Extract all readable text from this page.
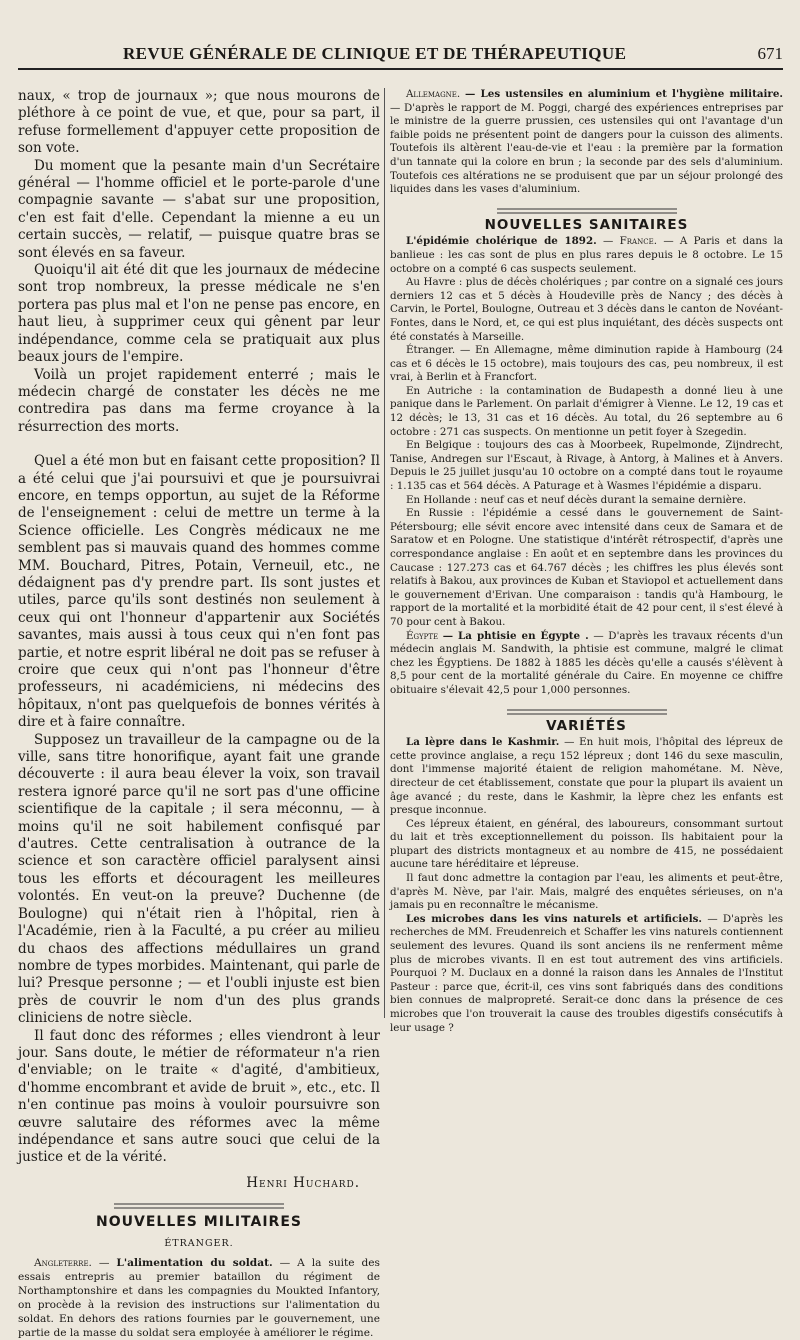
REVUE GÉNÉRALE DE CLINIQUE ET DE THÉRAPEUTIQUE	671

naux, « trop de journaux »; que nous mourons de pléthore à ce point de vue, et que, pour sa part, il refuse formellement d'appuyer cette proposition de son vote.

Du moment que la pesante main d'un Secrétaire général — l'homme officiel et le porte-parole d'une compagnie savante — s'abat sur une proposition, c'en est fait d'elle. Cependant la mienne a eu un certain succès, — relatif, — puisque quatre bras se sont élevés en sa faveur.

Quoiqu'il ait été dit que les journaux de médecine sont trop nombreux, la presse médicale ne s'en portera pas plus mal et l'on ne pense pas encore, en haut lieu, à supprimer ceux qui gênent par leur indépendance, comme cela se pratiquait aux plus beaux jours de l'empire.

Voilà un projet rapidement enterré ; mais le médecin chargé de constater les décès ne me contredira pas dans ma ferme croyance à la résurrection des morts.

Quel a été mon but en faisant cette proposition? Il a été celui que j'ai poursuivi et que je poursuivrai encore, en temps opportun, au sujet de la Réforme de l'enseignement : celui de mettre un terme à la Science officielle. Les Congrès médicaux ne me semblent pas si mauvais quand des hommes comme MM. Bouchard, Pitres, Potain, Verneuil, etc., ne dédaignent pas d'y prendre part. Ils sont justes et utiles, parce qu'ils sont destinés non seulement à ceux qui ont l'honneur d'appartenir aux Sociétés savantes, mais aussi à tous ceux qui n'en font pas partie, et notre esprit libéral ne doit pas se refuser à croire que ceux qui n'ont pas l'honneur d'être professeurs, ni académiciens, ni médecins des hôpitaux, n'ont pas quelquefois de bonnes vérités à dire et à faire connaître.

Supposez un travailleur de la campagne ou de la ville, sans titre honorifique, ayant fait une grande découverte : il aura beau élever la voix, son travail restera ignoré parce qu'il ne sort pas d'une officine scientifique de la capitale ; il sera méconnu, — à moins qu'il ne soit habilement confisqué par d'autres. Cette centralisation à outrance de la science et son caractère officiel paralysent ainsi tous les efforts et découragent les meilleures volontés. En veut-on la preuve? Duchenne (de Boulogne) qui n'était rien à l'hôpital, rien à l'Académie, rien à la Faculté, a pu créer au milieu du chaos des affections médullaires un grand nombre de types morbides. Maintenant, qui parle de lui? Presque personne ; — et l'oubli injuste est bien près de couvrir le nom d'un des plus grands cliniciens de notre siècle.

Il faut donc des réformes ; elles viendront à leur jour. Sans doute, le métier de réformateur n'a rien d'enviable; on le traite « d'agité, d'ambitieux, d'homme encombrant et avide de bruit », etc., etc. Il n'en continue pas moins à vouloir poursuivre son œuvre salutaire des réformes avec la même indépendance et sans autre souci que celui de la justice et de la vérité.

Henri Huchard.

NOUVELLES MILITAIRES
ÉTRANGER.

Angleterre. — L'alimentation du soldat. — A la suite des essais entrepris au premier bataillon du régiment de Northamptonshire et dans les compagnies du Moukted Infantory, on procède à la revision des instructions sur l'alimentation du soldat. En dehors des rations fournies par le gouvernement, une partie de la masse du soldat sera employée à améliorer le régime.

Allemagne. — Les ustensiles en aluminium et l'hygiène militaire. — D'après le rapport de M. Poggi, chargé des expériences entreprises par le ministre de la guerre prussien, ces ustensiles qui ont l'avantage d'un faible poids ne présentent point de dangers pour la cuisson des aliments. Toutefois ils altèrent l'eau-de-vie et l'eau : la première par la formation d'un tannate qui la colore en brun ; la seconde par des sels d'aluminium. Toutefois ces altérations ne se produisent que par un séjour prolongé des liquides dans les vases d'aluminium.

NOUVELLES SANITAIRES

L'épidémie cholérique de 1892. — France. — A Paris et dans la banlieue : les cas sont de plus en plus rares depuis le 8 octobre. Le 15 octobre on a compté 6 cas suspects seulement.

Au Havre : plus de décès cholériques ; par contre on a signalé ces jours derniers 12 cas et 5 décès à Houdeville près de Nancy ; des décès à Carvin, le Portel, Boulogne, Outreau et 3 décès dans le canton de Novéant-Fontes, dans le Nord, et, ce qui est plus inquiétant, des décès suspects ont été constatés à Marseille.

Étranger. — En Allemagne, même diminution rapide à Hambourg (24 cas et 6 décès le 15 octobre), mais toujours des cas, peu nombreux, il est vrai, à Berlin et à Francfort.

En Autriche : la contamination de Budapesth a donné lieu à une panique dans le Parlement. On parlait d'émigrer à Vienne. Le 12, 19 cas et 12 décès; le 13, 31 cas et 16 décès. Au total, du 26 septembre au 6 octobre : 271 cas suspects. On mentionne un petit foyer à Szegedin.

En Belgique : toujours des cas à Moorbeek, Rupelmonde, Zijndrecht, Tanise, Andregen sur l'Escaut, à Rivage, à Antorg, à Malines et à Anvers. Depuis le 25 juillet jusqu'au 10 octobre on a compté dans tout le royaume : 1.135 cas et 564 décès. A Paturage et à Wasmes l'épidémie a disparu.

En Hollande : neuf cas et neuf décès durant la semaine dernière.

En Russie : l'épidémie a cessé dans le gouvernement de Saint-Pétersbourg; elle sévit encore avec intensité dans ceux de Samara et de Saratow et en Pologne. Une statistique d'intérêt rétrospectif, d'après une correspondance anglaise : En août et en septembre dans les provinces du Caucase : 127.273 cas et 64.767 décès ; les chiffres les plus élevés sont relatifs à Bakou, aux provinces de Kuban et Staviopol et actuellement dans le gouvernement d'Erivan. Une comparaison : tandis qu'à Hambourg, le rapport de la mortalité et la morbidité était de 42 pour cent, il s'est élevé à 70 pour cent à Bakou.

Égypte — La phtisie en Égypte . — D'après les travaux récents d'un médecin anglais M. Sandwith, la phtisie est commune, malgré le climat chez les Égyptiens. De 1882 à 1885 les décès qu'elle a causés s'élèvent à 8,5 pour cent de la mortalité générale du Caire. En moyenne ce chiffre obituaire s'élevait 42,5 pour 1,000 personnes.

VARIÉTÉS

La lèpre dans le Kashmir. — En huit mois, l'hôpital des lépreux de cette province anglaise, a reçu 152 lépreux ; dont 146 du sexe masculin, dont l'immense majorité étaient de religion mahométane. M. Nève, directeur de cet établissement, constate que pour la plupart ils avaient un âge avancé ; du reste, dans le Kashmir, la lèpre chez les enfants est presque inconnue.

Ces lépreux étaient, en général, des laboureurs, consommant surtout du lait et très exceptionnellement du poisson. Ils habitaient pour la plupart des districts montagneux et au nombre de 415, ne possédaient aucune tare héréditaire et lépreuse.

Il faut donc admettre la contagion par l'eau, les aliments et peut-être, d'après M. Nève, par l'air. Mais, malgré des enquêtes sérieuses, on n'a jamais pu en reconnaître le mécanisme.

Les microbes dans les vins naturels et artificiels. — D'après les recherches de MM. Freudenreich et Schaffer les vins naturels contiennent seulement des levures. Quand ils sont anciens ils ne renferment même plus de microbes vivants. Il en est tout autrement des vins artificiels. Pourquoi ? M. Duclaux en a donné la raison dans les Annales de l'Institut Pasteur : parce que, écrit-il, ces vins sont fabriqués dans des conditions bien connues de malpropreté. Serait-ce donc dans la présence de ces microbes que l'on trouverait la cause des troubles digestifs consécutifs à leur usage ?
